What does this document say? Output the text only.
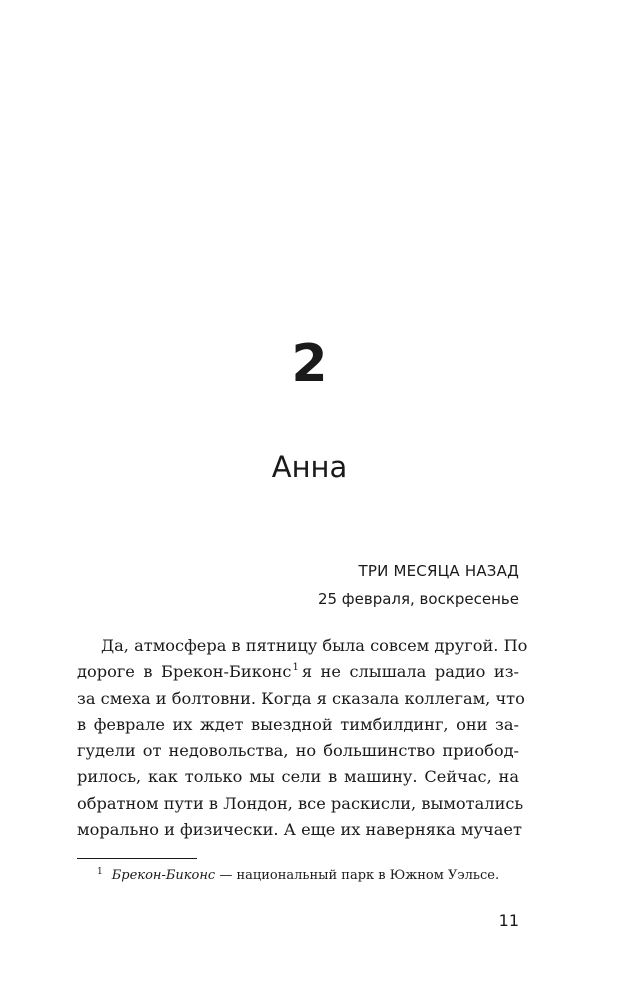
2
Анна
ТРИ МЕСЯЦА НАЗАД
25 февраля, воскресенье
Да, атмосфера в пятницу была совсем другой. По
дороге в Брекон-Биконс$^1$ я не слышала радио из-
за смеха и болтовни. Когда я сказала коллегам, что
в феврале их ждет выездной тимбилдинг, они за-
гудели от недовольства, но большинство приобод-
рилось, как только мы сели в машину. Сейчас, на
обратном пути в Лондон, все раскисли, вымотались
морально и физически. А еще их наверняка мучает
$^1$ Брекон-Биконс — национальный парк в Южном Уэльсе.
11
